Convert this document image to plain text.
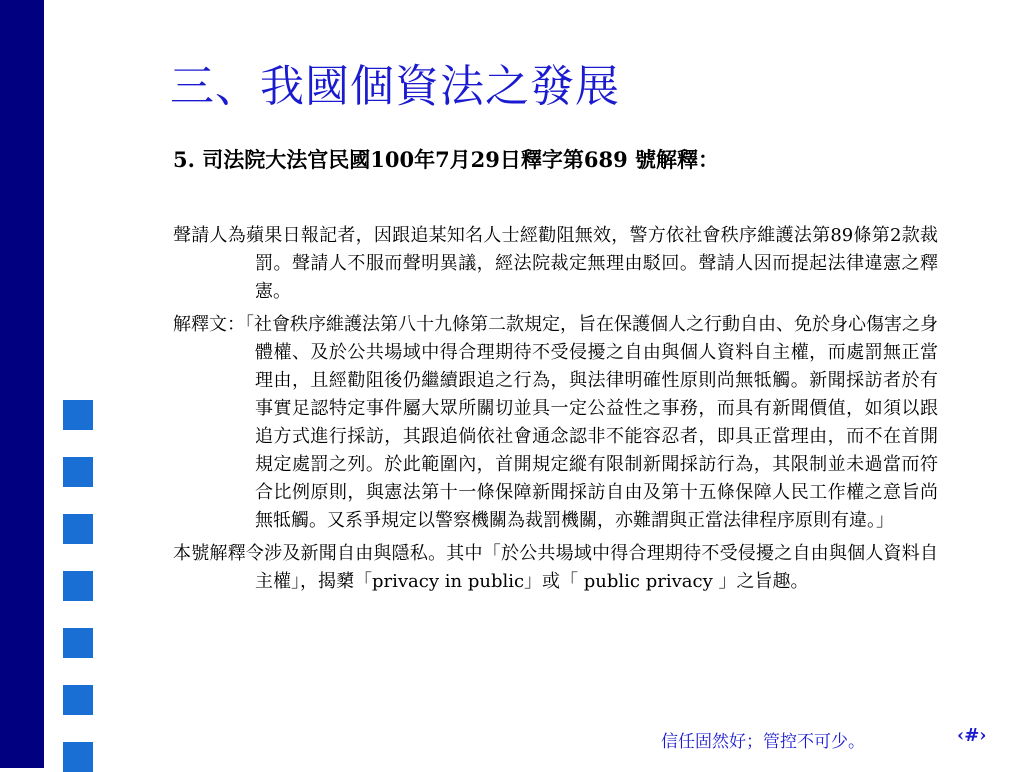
三、我國個資法之發展
5. 司法院大法官民國100年7月29日釋字第689 號解釋：

聲請人為蘋果日報記者，因跟追某知名人士經勸阻無效，警方依社會秩序維護法第89條第2款裁罰。聲請人不服而聲明異議，經法院裁定無理由駁回。聲請人因而提起法律違憲之釋憲。

解釋文：「社會秩序維護法第八十九條第二款規定，旨在保護個人之行動自由、免於身心傷害之身體權、及於公共場域中得合理期待不受侵擾之自由與個人資料自主權，而處罰無正當理由，且經勸阻後仍繼續跟追之行為，與法律明確性原則尚無牴觸。新聞採訪者於有事實足認特定事件屬大眾所關切並具一定公益性之事務，而具有新聞價值，如須以跟追方式進行採訪，其跟追倘依社會通念認非不能容忍者，即具正當理由，而不在首開規定處罰之列。於此範圍內，首開規定縱有限制新聞採訪行為，其限制並未過當而符合比例原則，與憲法第十一條保障新聞採訪自由及第十五條保障人民工作權之意旨尚無牴觸。又系爭規定以警察機關為裁罰機關，亦難謂與正當法律程序原則有違。」

本號解釋令涉及新聞自由與隱私。其中「於公共場域中得合理期待不受侵擾之自由與個人資料自主權」，揭櫫「privacy in public」或「 public privacy 」之旨趣。

信任固然好；管控不可少。	‹#›
